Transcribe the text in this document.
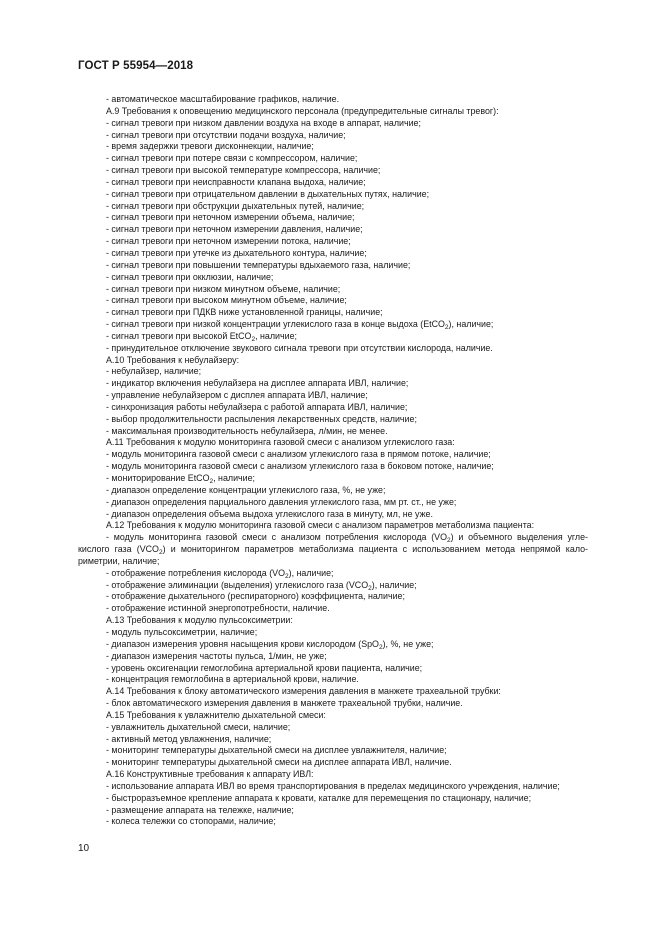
ГОСТ Р 55954—2018
- автоматическое масштабирование графиков, наличие.
А.9 Требования к оповещению медицинского персонала (предупредительные сигналы тревог):
- сигнал тревоги при низком давлении воздуха на входе в аппарат, наличие;
- сигнал тревоги при отсутствии подачи воздуха, наличие;
- время задержки тревоги дисконнекции, наличие;
- сигнал тревоги при потере связи с компрессором, наличие;
- сигнал тревоги при высокой температуре компрессора, наличие;
- сигнал тревоги при неисправности клапана выдоха, наличие;
- сигнал тревоги при отрицательном давлении в дыхательных путях, наличие;
- сигнал тревоги при обструкции дыхательных путей, наличие;
- сигнал тревоги при неточном измерении объема, наличие;
- сигнал тревоги при неточном измерении давления, наличие;
- сигнал тревоги при неточном измерении потока, наличие;
- сигнал тревоги при утечке из дыхательного контура, наличие;
- сигнал тревоги при повышении температуры вдыхаемого газа, наличие;
- сигнал тревоги при окклюзии, наличие;
- сигнал тревоги при низком минутном объеме, наличие;
- сигнал тревоги при высоком минутном объеме, наличие;
- сигнал тревоги при ПДКВ ниже установленной границы, наличие;
- сигнал тревоги при низкой концентрации углекислого газа в конце выдоха (EtCO$_2$), наличие;
- сигнал тревоги при высокой EtCO$_2$, наличие;
- принудительное отключение звукового сигнала тревоги при отсутствии кислорода, наличие.
А.10 Требования к небулайзеру:
- небулайзер, наличие;
- индикатор включения небулайзера на дисплее аппарата ИВЛ, наличие;
- управление небулайзером с дисплея аппарата ИВЛ, наличие;
- синхронизация работы небулайзера с работой аппарата ИВЛ, наличие;
- выбор продолжительности распыления лекарственных средств, наличие;
- максимальная производительность небулайзера, л/мин, не менее.
А.11 Требования к модулю мониторинга газовой смеси с анализом углекислого газа:
- модуль мониторинга газовой смеси с анализом углекислого газа в прямом потоке, наличие;
- модуль мониторинга газовой смеси с анализом углекислого газа в боковом потоке, наличие;
- мониторирование EtCO$_2$, наличие;
- диапазон определение концентрации углекислого газа, %, не уже;
- диапазон определения парциального давления углекислого газа, мм рт. ст., не уже;
- диапазон определения объема выдоха углекислого газа в минуту, мл, не уже.
А.12 Требования к модулю мониторинга газовой смеси с анализом параметров метаболизма пациента:
- модуль мониторинга газовой смеси с анализом потребления кислорода $(VO_2)$ и объемного выделения угле-
кислого газа $(VCO_2)$ и мониторингом параметров метаболизма пациента с использованием метода непрямой кало-
риметрии, наличие;
- отображение потребления кислорода $(VO_2)$, наличие;
- отображение элиминации (выделения) углекислого газа $(VCO_2)$, наличие;
- отображение дыхательного (респираторного) коэффициента, наличие;
- отображение истинной энергопотребности, наличие.
А.13 Требования к модулю пульсоксиметрии:
- модуль пульсоксиметрии, наличие;
- диапазон измерения уровня насыщения крови кислородом (SpO$_2$), %, не уже;
- диапазон измерения частоты пульса, 1/мин, не уже;
- уровень оксигенации гемоглобина артериальной крови пациента, наличие;
- концентрация гемоглобина в артериальной крови, наличие.
А.14 Требования к блоку автоматического измерения давления в манжете трахеальной трубки:
- блок автоматического измерения давления в манжете трахеальной трубки, наличие.
А.15 Требования к увлажнителю дыхательной смеси:
- увлажнитель дыхательной смеси, наличие;
- активный метод увлажнения, наличие;
- мониторинг температуры дыхательной смеси на дисплее увлажнителя, наличие;
- мониторинг температуры дыхательной смеси на дисплее аппарата ИВЛ, наличие.
А.16 Конструктивные требования к аппарату ИВЛ:
- использование аппарата ИВЛ во время транспортирования в пределах медицинского учреждения, наличие;
- быстроразъемное крепление аппарата к кровати, каталке для перемещения по стационару, наличие;
- размещение аппарата на тележке, наличие;
- колеса тележки со стопорами, наличие;
10
